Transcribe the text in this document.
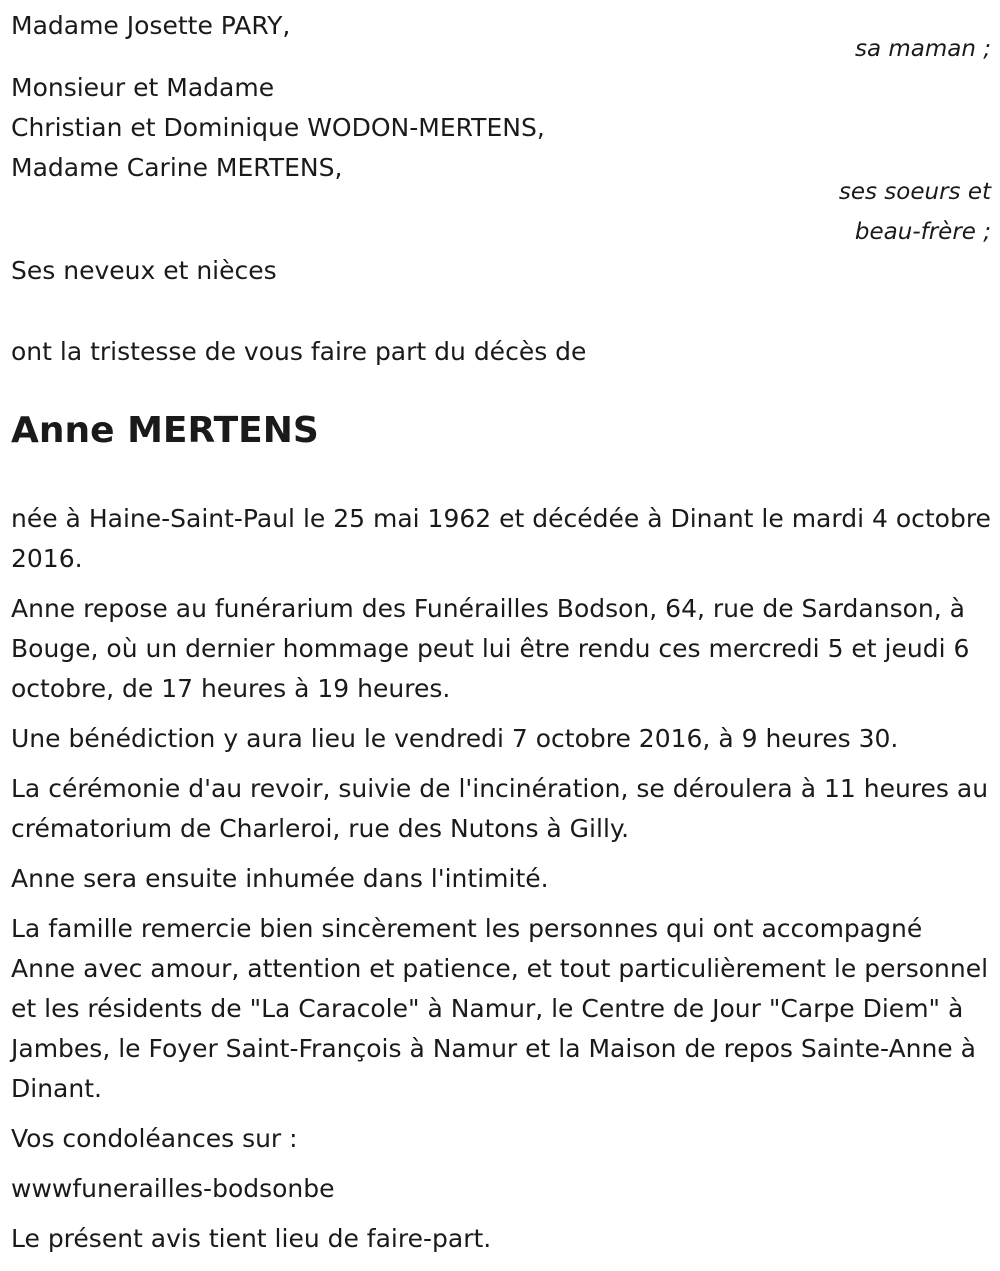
Madame Josette PARY,
sa maman ;
Monsieur et Madame
Christian et Dominique WODON-MERTENS,
Madame Carine MERTENS,
ses soeurs et
beau-frère ;
Ses neveux et nièces
ont la tristesse de vous faire part du décès de
Anne MERTENS

née à Haine-Saint-Paul le 25 mai 1962 et décédée à Dinant le mardi 4 octobre 2016.

Anne repose au funérarium des Funérailles Bodson, 64, rue de Sardanson, à Bouge, où un dernier hommage peut lui être rendu ces mercredi 5 et jeudi 6 octobre, de 17 heures à 19 heures.

Une bénédiction y aura lieu le vendredi 7 octobre 2016, à 9 heures 30.

La cérémonie d'au revoir, suivie de l'incinération, se déroulera à 11 heures au crématorium de Charleroi, rue des Nutons à Gilly.

Anne sera ensuite inhumée dans l'intimité.

La famille remercie bien sincèrement les personnes qui ont accompagné Anne avec amour, attention et patience, et tout particulièrement le personnel et les résidents de "La Caracole" à Namur, le Centre de Jour "Carpe Diem" à Jambes, le Foyer Saint-François à Namur et la Maison de repos Sainte-Anne à Dinant.

Vos condoléances sur :

wwwfunerailles-bodsonbe

Le présent avis tient lieu de faire-part.
